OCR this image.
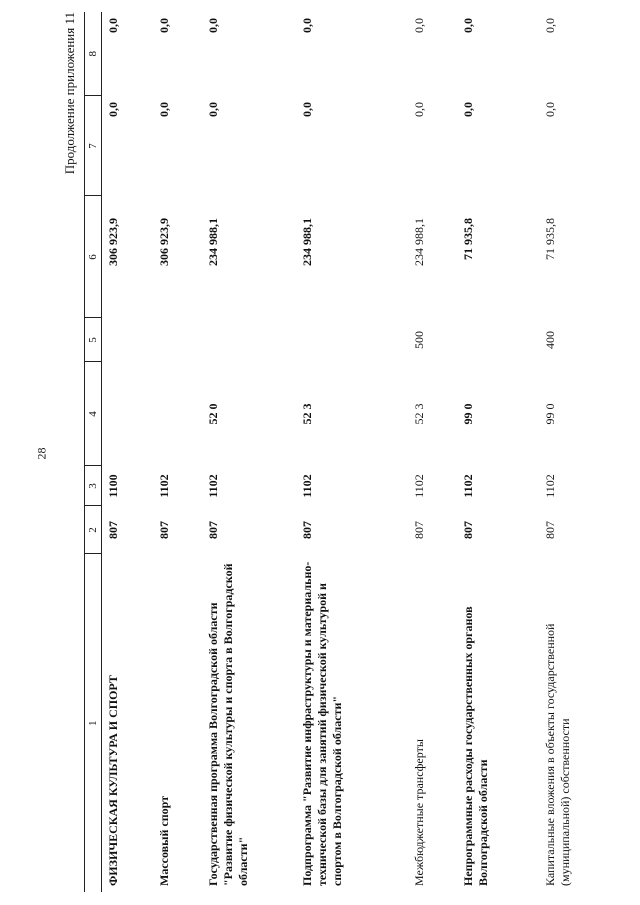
28
Продолжение приложения 11
1	2	3	4	5	6	7	8
ФИЗИЧЕСКАЯ КУЛЬТУРА И СПОРТ	807	1100			306 923,9	0,0	0,0
Массовый спорт	807	1102			306 923,9	0,0	0,0
Государственная программа Волгоградской области "Развитие физической культуры и спорта в Волгоградской области"	807	1102	52 0		234 988,1	0,0	0,0
Подпрограмма "Развитие инфраструктуры и материально-технической базы для занятий физической культурой и спортом в Волгоградской области"	807	1102	52 3		234 988,1	0,0	0,0
Межбюджетные трансферты	807	1102	52 3	500	234 988,1	0,0	0,0
Непрограммные расходы государственных органов Волгоградской области	807	1102	99 0		71 935,8	0,0	0,0
Капитальные вложения в объекты государственной (муниципальной) собственности	807	1102	99 0	400	71 935,8	0,0	0,0
